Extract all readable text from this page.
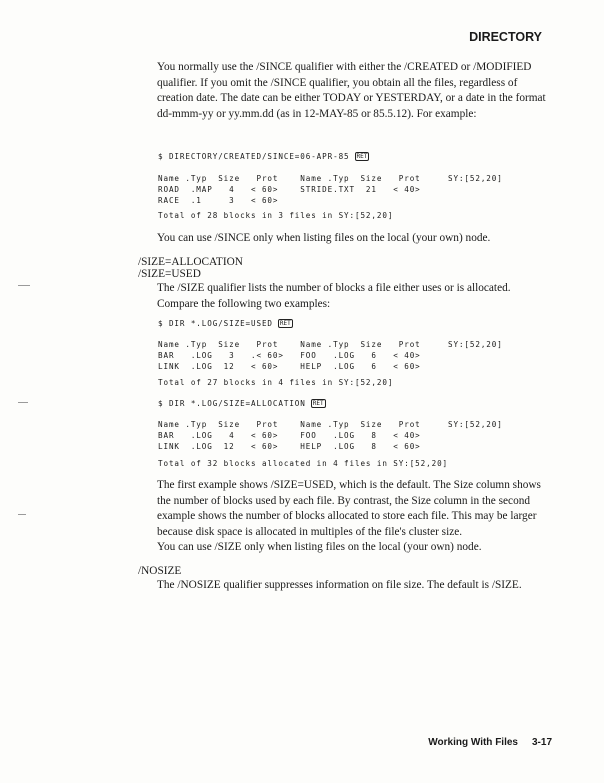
DIRECTORY

You normally use the /SINCE qualifier with either the /CREATED or /MODIFIED qualifier. If you omit the /SINCE qualifier, you obtain all the files, regardless of creation date. The date can be either TODAY or YESTERDAY, or a date in the format dd-mmm-yy or yy.mm.dd (as in 12-MAY-85 or 85.5.12). For example:

$ DIRECTORY/CREATED/SINCE=06-APR-85 RET
Name .Typ  Size   Prot    Name .Typ  Size   Prot     SY:[52,20]
ROAD  .MAP   4   < 60>    STRIDE.TXT  21   < 40>
RACE  .1     3   < 60>
Total of 28 blocks in 3 files in SY:[52,20]

You can use /SINCE only when listing files on the local (your own) node.

/SIZE=ALLOCATION

/SIZE=USED

The /SIZE qualifier lists the number of blocks a file either uses or is allocated. Compare the following two examples:

$ DIR *.LOG/SIZE=USED RET
Name .Typ  Size   Prot    Name .Typ  Size   Prot     SY:[52,20]
BAR   .LOG   3   .< 60>   FOO   .LOG   6   < 40>
LINK  .LOG  12   < 60>    HELP  .LOG   6   < 60>
Total of 27 blocks in 4 files in SY:[52,20]
$ DIR *.LOG/SIZE=ALLOCATION RET
Name .Typ  Size   Prot    Name .Typ  Size   Prot     SY:[52,20]
BAR   .LOG   4   < 60>    FOO   .LOG   8   < 40>
LINK  .LOG  12   < 60>    HELP  .LOG   8   < 60>
Total of 32 blocks allocated in 4 files in SY:[52,20]

The first example shows /SIZE=USED, which is the default. The Size column shows the number of blocks used by each file. By contrast, the Size column in the second example shows the number of blocks allocated to store each file. This may be larger because disk space is allocated in multiples of the file's cluster size.

You can use /SIZE only when listing files on the local (your own) node.

/NOSIZE

The /NOSIZE qualifier suppresses information on file size. The default is /SIZE.

Working With Files 3-17
